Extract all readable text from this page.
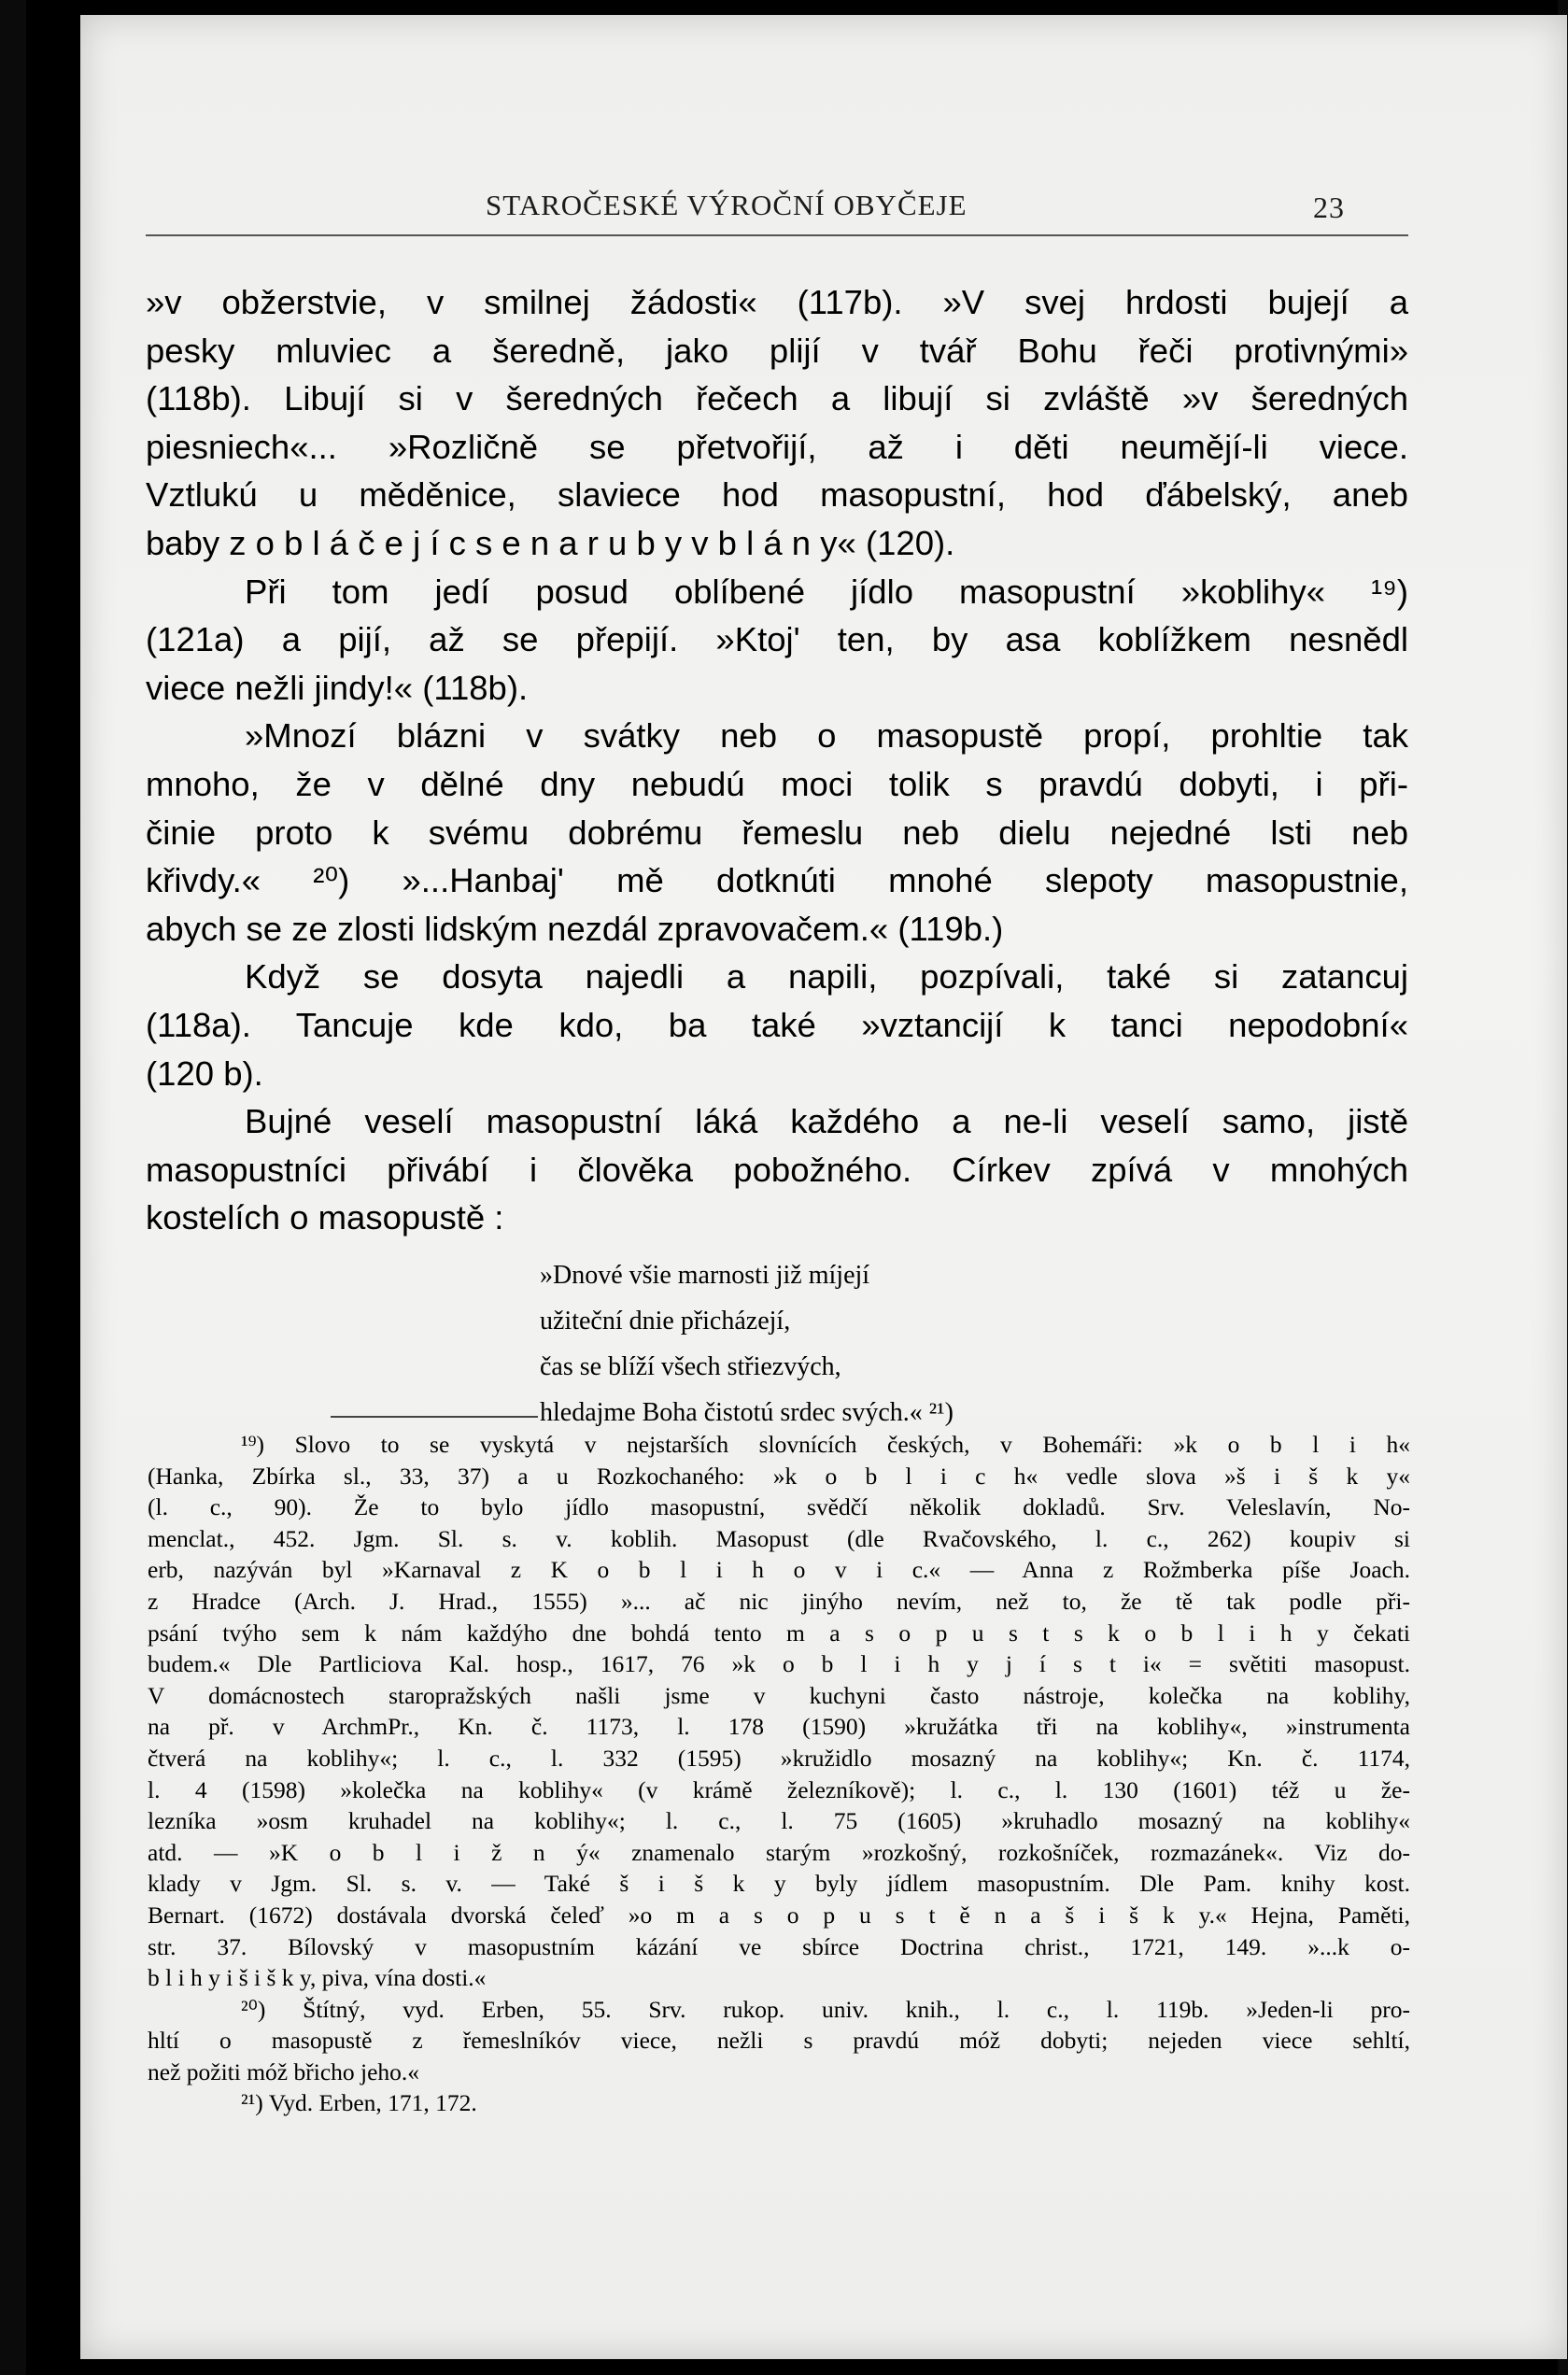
STAROČESKÉ VÝROČNÍ OBYČEJE	23
»v obžerstvie, v smilnej žádosti« (117b). »V svej hrdosti bujejí a
pesky mluviec a šeredně, jako plijí v tvář Bohu řeči protivnými»
(118b). Libují si v šeredných řečech a libují si zvláště »v šeredných
piesniech«... »Rozličně se přetvořijí, až i děti neumějí-li viece.
Vztlukú u měděnice, slaviece hod masopustní, hod ďábelský, aneb
baby z o b l á č e j í c s e n a r u b y v b l á n y« (120).
Při tom jedí posud oblíbené jídlo masopustní »koblihy« ¹⁹)
(121a) a pijí, až se přepijí. »Ktoj' ten, by asa koblížkem nesnědl
viece nežli jindy!« (118b).
»Mnozí blázni v svátky neb o masopustě propí, prohltie tak
mnoho, že v dělné dny nebudú moci tolik s pravdú dobyti, i při-
činie proto k svému dobrému řemeslu neb dielu nejedné lsti neb
křivdy.« ²⁰) »...Hanbaj' mě dotknúti mnohé slepoty masopustnie,
abych se ze zlosti lidským nezdál zpravovačem.« (119b.)
Když se dosyta najedli a napili, pozpívali, také si zatancuj
(118a). Tancuje kde kdo, ba také »vztancijí k tanci nepodobní«
(120 b).
Bujné veselí masopustní láká každého a ne-li veselí samo, jistě
masopustníci přivábí i člověka pobožného. Církev zpívá v mnohých
kostelích o masopustě :
»Dnové všie marnosti již míjejí
užiteční dnie přicházejí,
čas se blíží všech střiezvých,
hledajme Boha čistotú srdec svých.« ²¹)
¹⁹) Slovo to se vyskytá v nejstarších slovnících českých, v Bohemáři: »k o b l i h«
(Hanka, Zbírka sl., 33, 37) a u Rozkochaného: »k o b l i c h« vedle slova »š i š k y«
(l. c., 90). Že to bylo jídlo masopustní, svědčí několik dokladů. Srv. Veleslavín, No-
menclat., 452. Jgm. Sl. s. v. koblih. Masopust (dle Rvačovského, l. c., 262) koupiv si
erb, nazýván byl »Karnaval z K o b l i h o v i c.« — Anna z Rožmberka píše Joach.
z Hradce (Arch. J. Hrad., 1555) »... ač nic jinýho nevím, než to, že tě tak podle při-
psání tvýho sem k nám každýho dne bohdá tento m a s o p u s t s k o b l i h y čekati
budem.« Dle Partliciova Kal. hosp., 1617, 76 »k o b l i h y j í s t i« = světiti masopust.
V domácnostech staropražských našli jsme v kuchyni často nástroje, kolečka na koblihy,
na př. v ArchmPr., Kn. č. 1173, l. 178 (1590) »kružátka tři na koblihy«, »instrumenta
čtverá na koblihy«; l. c., l. 332 (1595) »kružidlo mosazný na koblihy«; Kn. č. 1174,
l. 4 (1598) »kolečka na koblihy« (v krámě železníkově); l. c., l. 130 (1601) též u že-
lezníka »osm kruhadel na koblihy«; l. c., l. 75 (1605) »kruhadlo mosazný na koblihy«
atd. — »K o b l i ž n ý« znamenalo starým »rozkošný, rozkošníček, rozmazánek«. Viz do-
klady v Jgm. Sl. s. v. — Také š i š k y byly jídlem masopustním. Dle Pam. knihy kost.
Bernart. (1672) dostávala dvorská čeleď »o m a s o p u s t ě n a š i š k y.« Hejna, Paměti,
str. 37. Bílovský v masopustním kázání ve sbírce Doctrina christ., 1721, 149. »...k o-
b l i h y i š i š k y, piva, vína dosti.«
²⁰) Štítný, vyd. Erben, 55. Srv. rukop. univ. knih., l. c., l. 119b. »Jeden-li pro-
hltí o masopustě z řemeslníkóv viece, nežli s pravdú móž dobyti; nejeden viece sehltí,
než požiti móž břicho jeho.«
²¹) Vyd. Erben, 171, 172.
